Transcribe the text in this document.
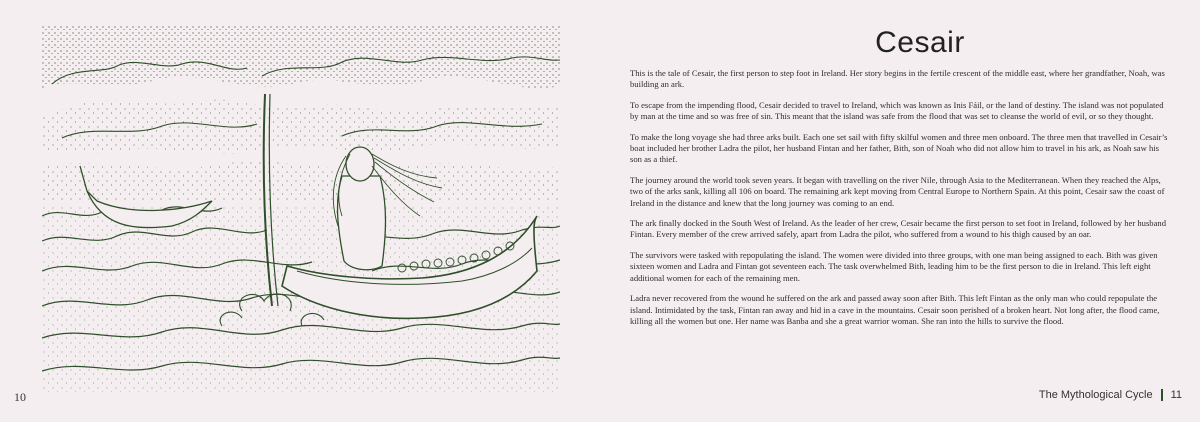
10
Cesair

This is the tale of Cesair, the first person to step foot in Ireland. Her story begins in the fertile crescent of the middle east, where her grandfather, Noah, was building an ark.

To escape from the impending flood, Cesair decided to travel to Ireland, which was known as Inis Fáil, or the land of destiny. The island was not populated by man at the time and so was free of sin. This meant that the island was safe from the flood that was set to cleanse the world of evil, or so they thought.

To make the long voyage she had three arks built. Each one set sail with fifty skilful women and three men onboard. The three men that travelled in Cesair’s boat included her brother Ladra the pilot, her husband Fintan and her father, Bith, son of Noah who did not allow him to travel in his ark, as Noah saw his son as a thief.

The journey around the world took seven years. It began with travelling on the river Nile, through Asia to the Mediterranean. When they reached the Alps, two of the arks sank, killing all 106 on board. The remaining ark kept moving from Central Europe to Northern Spain. At this point, Cesair saw the coast of Ireland in the distance and knew that the long journey was coming to an end.

The ark finally docked in the South West of Ireland. As the leader of her crew, Cesair became the first person to set foot in Ireland, followed by her husband Fintan. Every member of the crew arrived safely, apart from Ladra the pilot, who suffered from a wound to his thigh caused by an oar.

The survivors were tasked with repopulating the island. The women were divided into three groups, with one man being assigned to each. Bith was given sixteen women and Ladra and Fintan got seventeen each. The task overwhelmed Bith, leading him to be the first person to die in Ireland. This left eight additional women for each of the remaining men.

Ladra never recovered from the wound he suffered on the ark and passed away soon after Bith. This left Fintan as the only man who could repopulate the island. Intimidated by the task, Fintan ran away and hid in a cave in the mountains. Cesair soon perished of a broken heart. Not long after, the flood came, killing all the women but one. Her name was Banba and she a great warrior woman. She ran into the hills to survive the flood.

The Mythological Cycle 11
